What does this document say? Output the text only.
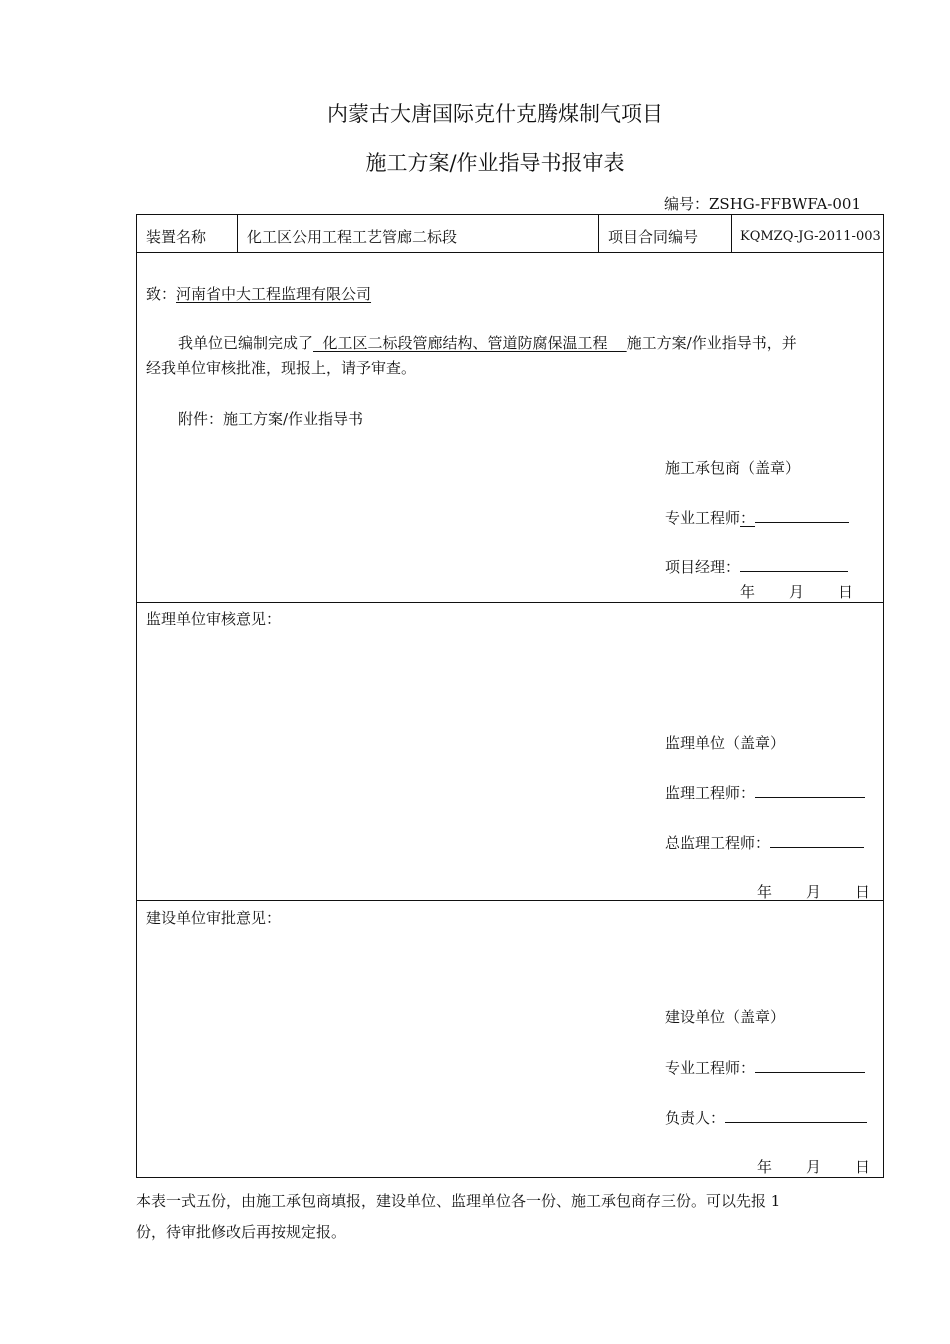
内蒙古大唐国际克什克腾煤制气项目
施工方案/作业指导书报审表
编号：ZSHG-FFBWFA-001
装置名称	化工区公用工程工艺管廊二标段	项目合同编号	KQMZQ-JG-2011-003
致：河南省中大工程监理有限公司
我单位已编制完成了  化工区二标段管廊结构、管道防腐保温工程    施工方案/作业指导书，并
经我单位审核批准，现报上，请予审查。
附件：施工方案/作业指导书
施工承包商（盖章）
专业工程师：
项目经理：
年 月 日
监理单位审核意见：
监理单位（盖章）
监理工程师：
总监理工程师：
年 月 日
建设单位审批意见：
建设单位（盖章）
专业工程师：
负责人：
年 月 日
本表一式五份，由施工承包商填报，建设单位、监理单位各一份、施工承包商存三份。可以先报 1
份，待审批修改后再按规定报。
